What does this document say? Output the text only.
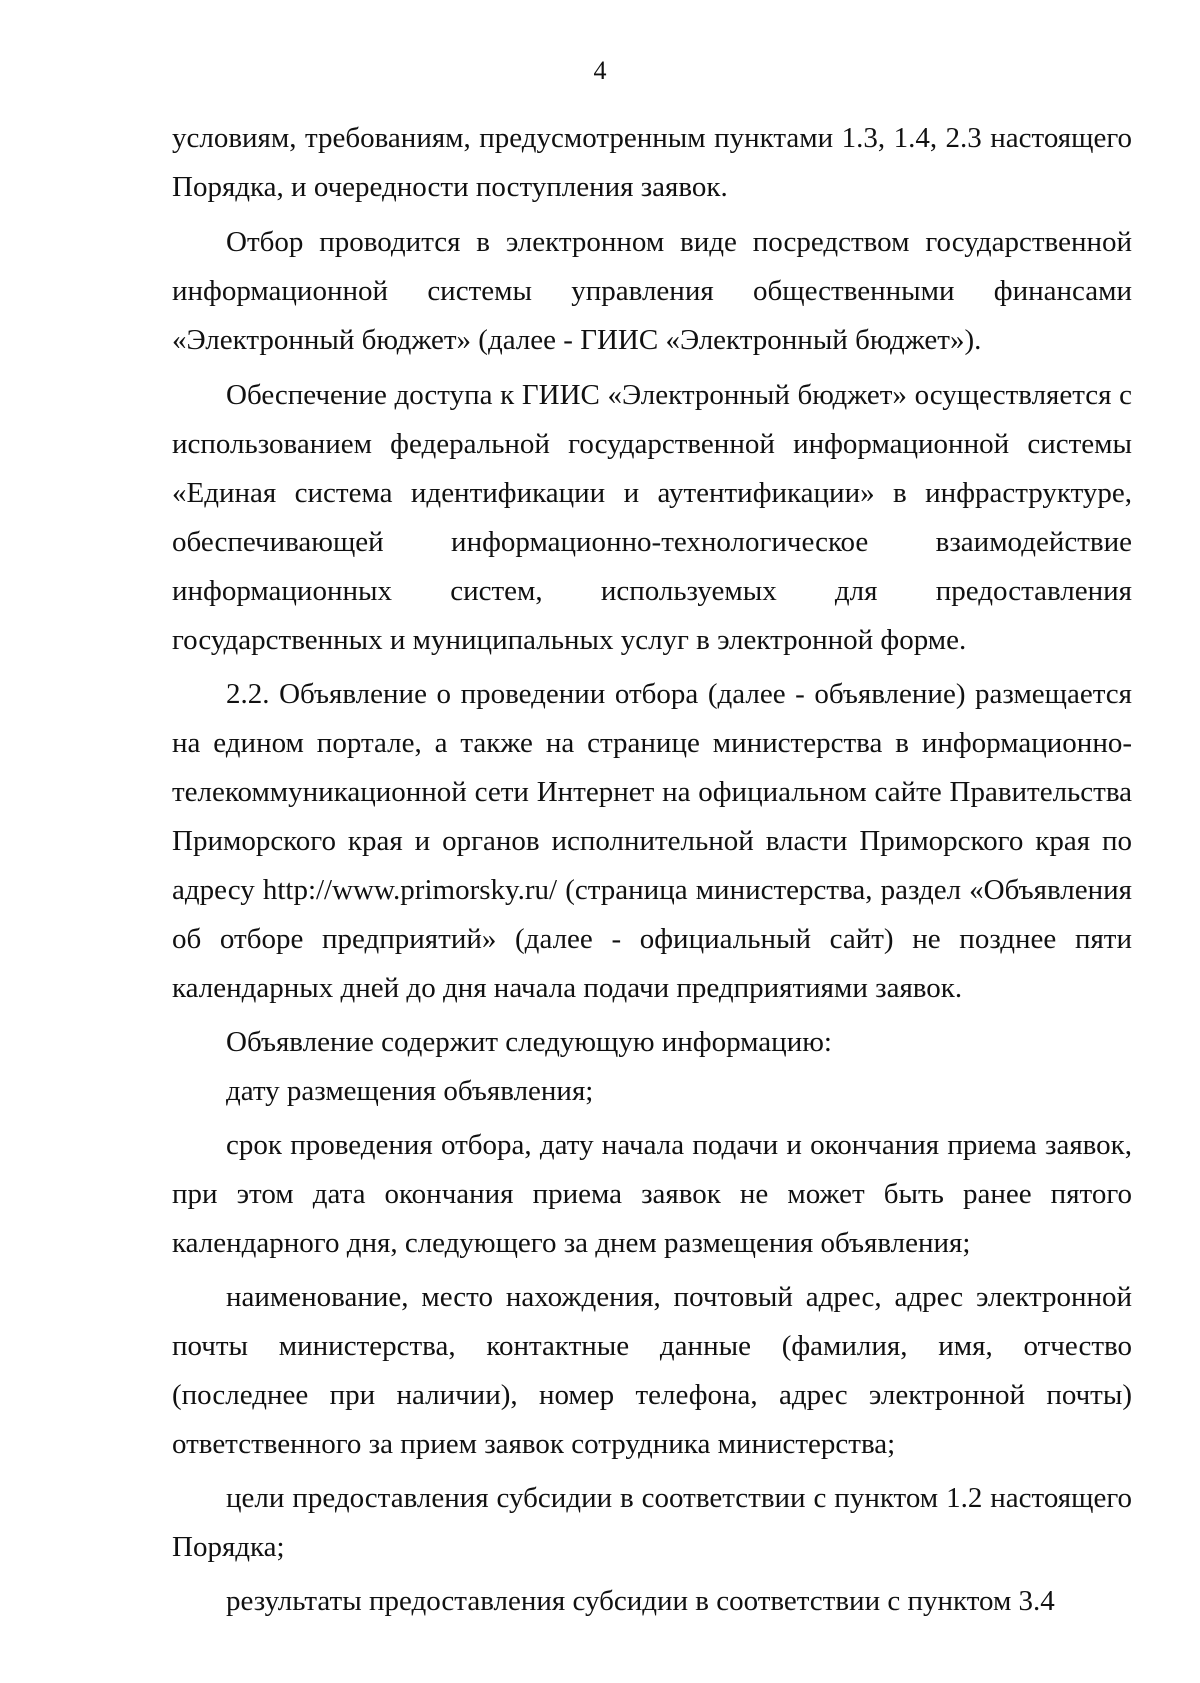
4

условиям, требованиям, предусмотренным пунктами 1.3, 1.4, 2.3 настоящего Порядка, и очередности поступления заявок.

Отбор проводится в электронном виде посредством государственной информационной системы управления общественными финансами «Электронный бюджет» (далее - ГИИС «Электронный бюджет»).

Обеспечение доступа к ГИИС «Электронный бюджет» осуществляется с использованием федеральной государственной информационной системы «Единая система идентификации и аутентификации» в инфраструктуре, обеспечивающей информационно-технологическое взаимодействие информационных систем, используемых для предоставления государственных и муниципальных услуг в электронной форме.

2.2. Объявление о проведении отбора (далее - объявление) размещается на едином портале, а также на странице министерства в информационно-телекоммуникационной сети Интернет на официальном сайте Правительства Приморского края и органов исполнительной власти Приморского края по адресу http://www.primorsky.ru/ (страница министерства, раздел «Объявления об отборе предприятий» (далее - официальный сайт) не позднее пяти календарных дней до дня начала подачи предприятиями заявок.

Объявление содержит следующую информацию:

дату размещения объявления;

срок проведения отбора, дату начала подачи и окончания приема заявок, при этом дата окончания приема заявок не может быть ранее пятого календарного дня, следующего за днем размещения объявления;

наименование, место нахождения, почтовый адрес, адрес электронной почты министерства, контактные данные (фамилия, имя, отчество (последнее при наличии), номер телефона, адрес электронной почты) ответственного за прием заявок сотрудника министерства;

цели предоставления субсидии в соответствии с пунктом 1.2 настоящего Порядка;

результаты предоставления субсидии в соответствии с пунктом 3.4
